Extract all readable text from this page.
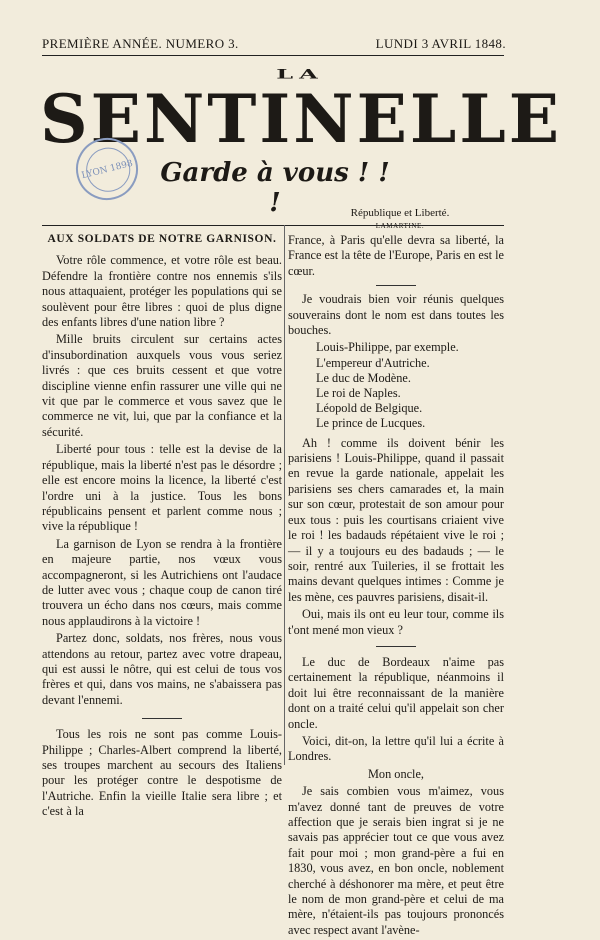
PREMIÈRE ANNÉE. NUMERO 3.	LUNDI 3 AVRIL 1848.
LA
SENTINELLE
LYON 1898	Garde à vous ! ! !	République et Liberté.
LAMARTINE.

AUX SOLDATS DE NOTRE GARNISON.

Votre rôle commence, et votre rôle est beau. Défendre la frontière contre nos ennemis s'ils nous attaquaient, protéger les populations qui se soulèvent pour être libres : quoi de plus digne des enfants libres d'une nation libre ?

Mille bruits circulent sur certains actes d'insubordination auxquels vous vous seriez livrés : que ces bruits cessent et que votre discipline vienne enfin rassurer une ville qui ne vit que par le commerce et vous savez que le commerce ne vit, lui, que par la confiance et la sécurité.

Liberté pour tous : telle est la devise de la république, mais la liberté n'est pas le désordre ; elle est encore moins la licence, la liberté c'est l'ordre uni à la justice. Tous les bons républicains pensent et parlent comme nous ; vive la république !

La garnison de Lyon se rendra à la frontière en majeure partie, nos vœux vous accompagneront, si les Autrichiens ont l'audace de lutter avec vous ; chaque coup de canon tiré trouvera un écho dans nos cœurs, mais comme nous applaudirons à la victoire !

Partez donc, soldats, nos frères, nous vous attendons au retour, partez avec votre drapeau, qui est aussi le nôtre, qui est celui de tous vos frères et qui, dans vos mains, ne s'abaissera pas devant l'ennemi.

Tous les rois ne sont pas comme Louis-Philippe ; Charles-Albert comprend la liberté, ses troupes marchent au secours des Italiens pour les protéger contre le despotisme de l'Autriche. Enfin la vieille Italie sera libre ; et c'est à la

France, à Paris qu'elle devra sa liberté, la France est la tête de l'Europe, Paris en est le cœur.

Je voudrais bien voir réunis quelques souverains dont le nom est dans toutes les bouches.

Louis-Philippe, par exemple.
L'empereur d'Autriche.
Le duc de Modène.
Le roi de Naples.
Léopold de Belgique.
Le prince de Lucques.

Ah ! comme ils doivent bénir les parisiens ! Louis-Philippe, quand il passait en revue la garde nationale, appelait les parisiens ses chers camarades et, la main sur son cœur, protestait de son amour pour eux tous : puis les courtisans criaient vive le roi ! les badauds répétaient vive le roi ; — il y a toujours eu des badauds ; — le soir, rentré aux Tuileries, il se frottait les mains devant quelques intimes : Comme je les mène, ces pauvres parisiens, disait-il.

Oui, mais ils ont eu leur tour, comme ils t'ont mené mon vieux ?

Le duc de Bordeaux n'aime pas certainement la république, néanmoins il doit lui être reconnaissant de la manière dont on a traité celui qu'il appelait son cher oncle.

Voici, dit-on, la lettre qu'il lui a écrite à Londres.

Mon oncle,

Je sais combien vous m'aimez, vous m'avez donné tant de preuves de votre affection que je serais bien ingrat si je ne savais pas apprécier tout ce que vous avez fait pour moi ; mon grand-père a fui en 1830, vous avez, en bon oncle, noblement cherché à déshonorer ma mère, et peut être le nom de mon grand-père et celui de ma mère, n'étaient-ils pas toujours prononcés avec respect avant l'avène-
